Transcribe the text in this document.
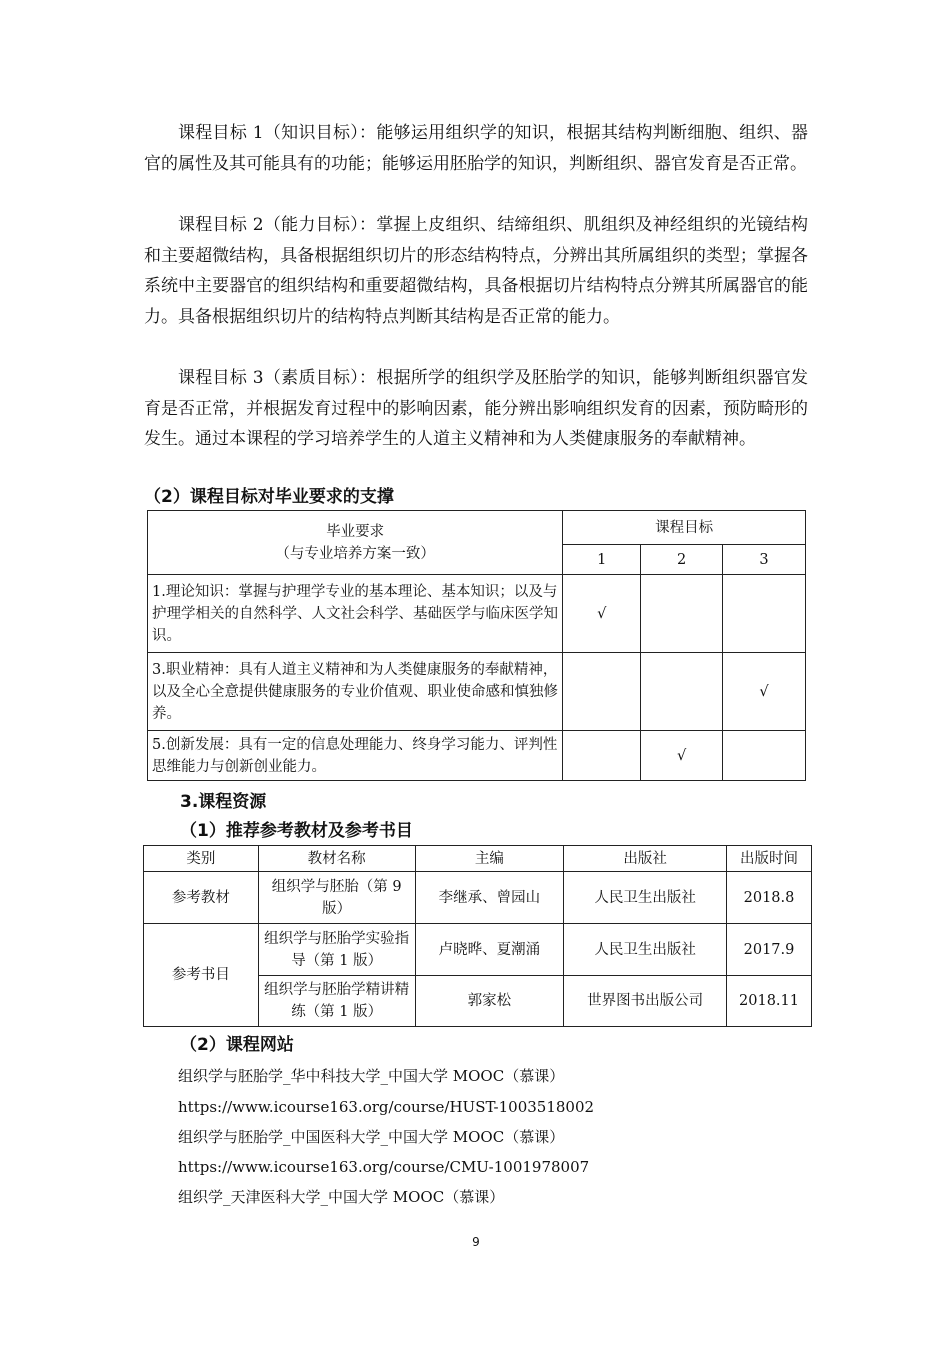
课程目标 1（知识目标）：能够运用组织学的知识，根据其结构判断细胞、组织、器官的属性及其可能具有的功能；能够运用胚胎学的知识，判断组织、器官发育是否正常。

课程目标 2（能力目标）：掌握上皮组织、结缔组织、肌组织及神经组织的光镜结构和主要超微结构，具备根据组织切片的形态结构特点，分辨出其所属组织的类型；掌握各系统中主要器官的组织结构和重要超微结构，具备根据切片结构特点分辨其所属器官的能力。具备根据组织切片的结构特点判断其结构是否正常的能力。

课程目标 3（素质目标）：根据所学的组织学及胚胎学的知识，能够判断组织器官发育是否正常，并根据发育过程中的影响因素，能分辨出影响组织发育的因素，预防畸形的发生。通过本课程的学习培养学生的人道主义精神和为人类健康服务的奉献精神。

（2）课程目标对毕业要求的支撑

毕业要求
（与专业培养方案一致）	课程目标		
	1	2	3
1.理论知识：掌握与护理学专业的基本理论、基本知识；以及与护理学相关的自然科学、人文社会科学、基础医学与临床医学知识。	√		
3.职业精神：具有人道主义精神和为人类健康服务的奉献精神，以及全心全意提供健康服务的专业价值观、职业使命感和慎独修养。			√
5.创新发展：具有一定的信息处理能力、终身学习能力、评判性思维能力与创新创业能力。		√	

3.课程资源

（1）推荐参考教材及参考书目

类别	教材名称	主编	出版社	出版时间
参考教材	组织学与胚胎（第 9 版）	李继承、曾园山	人民卫生出版社	2018.8
参考书目	组织学与胚胎学实验指导（第 1 版）	卢晓晔、夏潮涌	人民卫生出版社	2017.9
	组织学与胚胎学精讲精练（第 1 版）	郭家松	世界图书出版公司	2018.11

（2）课程网站

组织学与胚胎学_华中科技大学_中国大学 MOOC（慕课）

https://www.icourse163.org/course/HUST-1003518002

组织学与胚胎学_中国医科大学_中国大学 MOOC（慕课）

https://www.icourse163.org/course/CMU-1001978007

组织学_天津医科大学_中国大学 MOOC（慕课）

9
